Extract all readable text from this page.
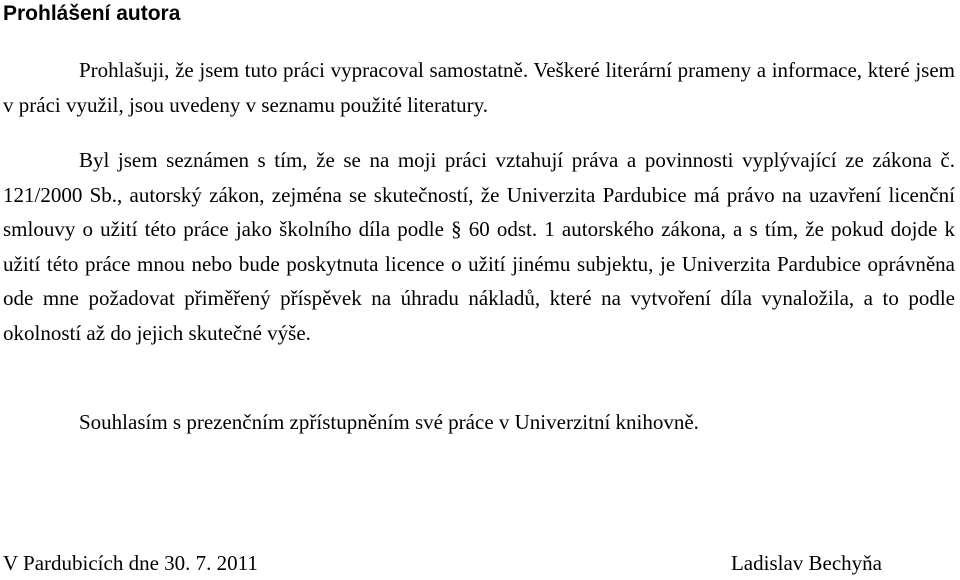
Prohlášení autora
Prohlašuji, že jsem tuto práci vypracoval samostatně. Veškeré literární prameny a informace, které jsem v práci využil, jsou uvedeny v seznamu použité literatury.
Byl jsem seznámen s tím, že se na moji práci vztahují práva a povinnosti vyplývající ze zákona č. 121/2000 Sb., autorský zákon, zejména se skutečností, že Univerzita Pardubice má právo na uzavření licenční smlouvy o užití této práce jako školního díla podle § 60 odst. 1 autorského zákona, a s tím, že pokud dojde k užití této práce mnou nebo bude poskytnuta licence o užití jinému subjektu, je Univerzita Pardubice oprávněna ode mne požadovat přiměřený příspěvek na úhradu nákladů, které na vytvoření díla vynaložila, a to podle okolností až do jejich skutečné výše.
Souhlasím s prezenčním zpřístupněním své práce v Univerzitní knihovně.
V Pardubicích dne 30. 7. 2011	Ladislav Bechyňa
